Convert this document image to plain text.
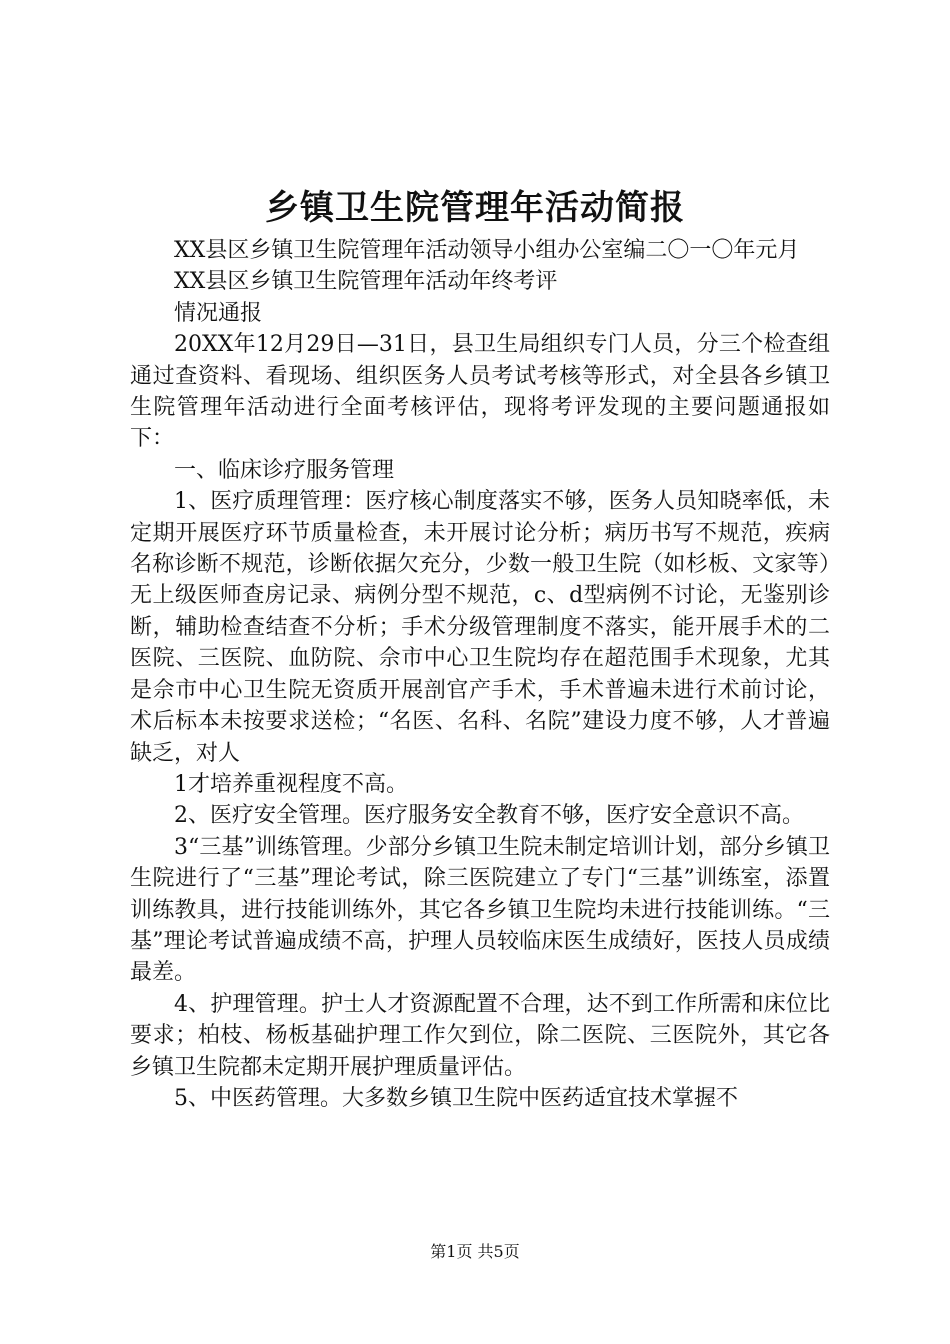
乡镇卫生院管理年活动简报

XX县区乡镇卫生院管理年活动领导小组办公室编二〇一〇年元月

XX县区乡镇卫生院管理年活动年终考评

情况通报

20XX年12月29日—31日，县卫生局组织专门人员，分三个检查组通过查资料、看现场、组织医务人员考试考核等形式，对全县各乡镇卫生院管理年活动进行全面考核评估，现将考评发现的主要问题通报如下：

一、临床诊疗服务管理

1、医疗质理管理：医疗核心制度落实不够，医务人员知晓率低，未定期开展医疗环节质量检查，未开展讨论分析；病历书写不规范，疾病名称诊断不规范，诊断依据欠充分，少数一般卫生院（如杉板、文家等）无上级医师查房记录、病例分型不规范，c、d型病例不讨论，无鉴别诊断，辅助检查结查不分析；手术分级管理制度不落实，能开展手术的二医院、三医院、血防院、佘市中心卫生院均存在超范围手术现象，尤其是佘市中心卫生院无资质开展剖官产手术，手术普遍未进行术前讨论，术后标本未按要求送检；“名医、名科、名院”建设力度不够，人才普遍缺乏，对人

1才培养重视程度不高。

2、医疗安全管理。医疗服务安全教育不够，医疗安全意识不高。

3“三基”训练管理。少部分乡镇卫生院未制定培训计划，部分乡镇卫生院进行了“三基”理论考试，除三医院建立了专门“三基”训练室，添置训练教具，进行技能训练外，其它各乡镇卫生院均未进行技能训练。“三基”理论考试普遍成绩不高，护理人员较临床医生成绩好，医技人员成绩最差。

4、护理管理。护士人才资源配置不合理，达不到工作所需和床位比要求；柏枝、杨板基础护理工作欠到位，除二医院、三医院外，其它各乡镇卫生院都未定期开展护理质量评估。

5、中医药管理。大多数乡镇卫生院中医药适宜技术掌握不

第1页 共5页
